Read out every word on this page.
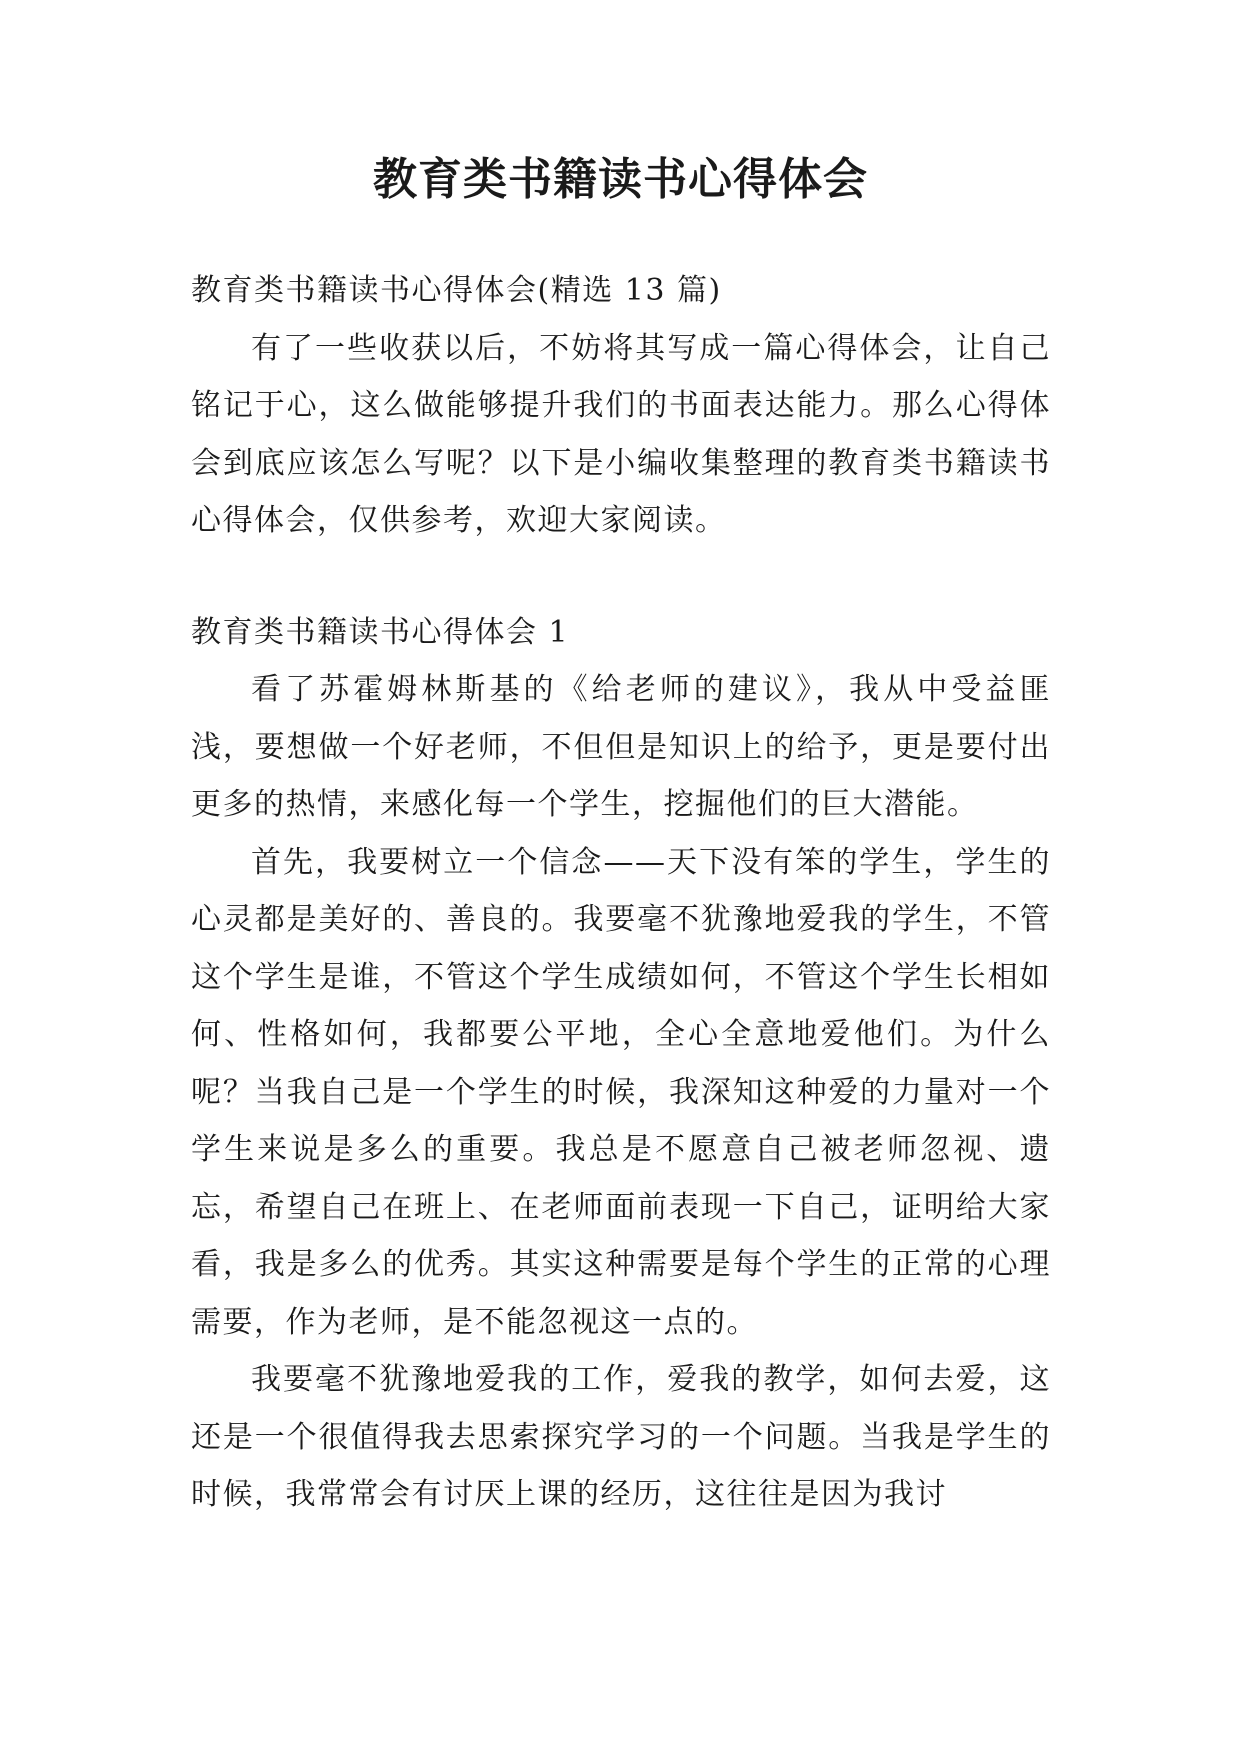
教育类书籍读书心得体会

教育类书籍读书心得体会(精选 13 篇)

有了一些收获以后，不妨将其写成一篇心得体会，让自己铭记于心，这么做能够提升我们的书面表达能力。那么心得体会到底应该怎么写呢？以下是小编收集整理的教育类书籍读书心得体会，仅供参考，欢迎大家阅读。

教育类书籍读书心得体会 1

看了苏霍姆林斯基的《给老师的建议》，我从中受益匪浅，要想做一个好老师，不但但是知识上的给予，更是要付出更多的热情，来感化每一个学生，挖掘他们的巨大潜能。

首先，我要树立一个信念——天下没有笨的学生，学生的心灵都是美好的、善良的。我要毫不犹豫地爱我的学生，不管这个学生是谁，不管这个学生成绩如何，不管这个学生长相如何、性格如何，我都要公平地，全心全意地爱他们。为什么呢？当我自己是一个学生的时候，我深知这种爱的力量对一个学生来说是多么的重要。我总是不愿意自己被老师忽视、遗忘，希望自己在班上、在老师面前表现一下自己，证明给大家看，我是多么的优秀。其实这种需要是每个学生的正常的心理需要，作为老师，是不能忽视这一点的。

我要毫不犹豫地爱我的工作，爱我的教学，如何去爱，这还是一个很值得我去思索探究学习的一个问题。当我是学生的时候，我常常会有讨厌上课的经历，这往往是因为我讨
